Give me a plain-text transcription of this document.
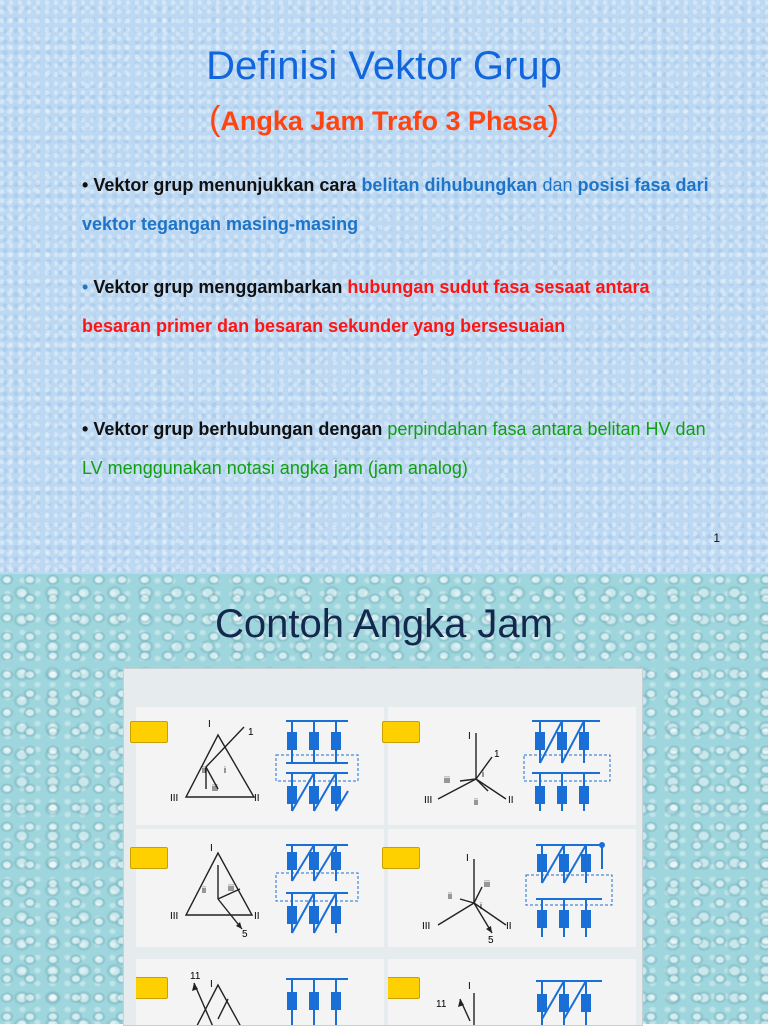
Definisi Vektor Grup
(Angka Jam Trafo 3 Phasa)
• Vektor grup menunjukkan cara belitan dihubungkan dan posisi fasa dari vektor tegangan masing-masing
• Vektor grup menggambarkan hubungan sudut fasa sesaat antara besaran primer dan besaran sekunder yang bersesuaian
• Vektor grup berhubungan dengan perpindahan fasa antara belitan HV dan LV menggunakan notasi angka jam (jam analog)
1
Contoh Angka Jam
I
1
ii i
iii
III	II
I
1
i
iii
ii
III	II
I
ii iii
III	II
5
I
iii
ii
i
III	II
5
11
I	I
11
